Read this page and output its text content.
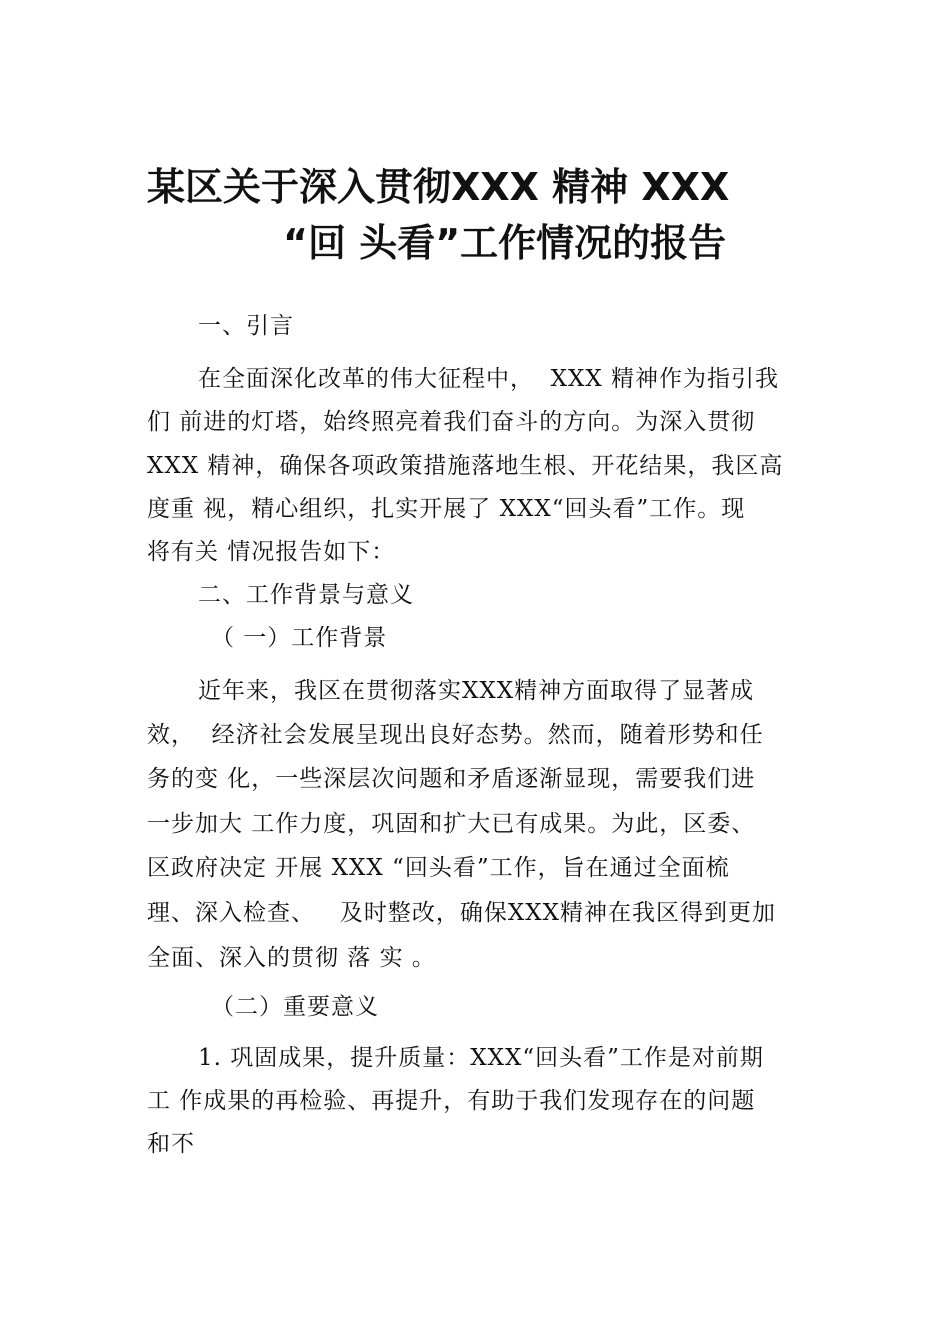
某区关于深入贯彻XXX 精神 XXX
“回 头看”工作情况的报告

一、引言

在全面深化改革的伟大征程中，  XXX 精神作为指引我

们 前进的灯塔，始终照亮着我们奋斗的方向。为深入贯彻

XXX 精神，确保各项政策措施落地生根、开花结果，我区高

度重 视，精心组织，扎实开展了 XXX“回头看”工作。现

将有关 情况报告如下：

二、工作背景与意义

（ 一）工作背景

近年来，我区在贯彻落实XXX精神方面取得了显著成

效，  经济社会发展呈现出良好态势。然而，随着形势和任

务的变 化，一些深层次问题和矛盾逐渐显现，需要我们进

一步加大 工作力度，巩固和扩大已有成果。为此，区委、

区政府决定 开展 XXX “回头看”工作，旨在通过全面梳

理、深入检查、   及时整改，确保XXX精神在我区得到更加

全面、深入的贯彻 落 实 。

（二）重要意义

1. 巩固成果，提升质量：XXX“回头看”工作是对前期

工 作成果的再检验、再提升，有助于我们发现存在的问题

和不
